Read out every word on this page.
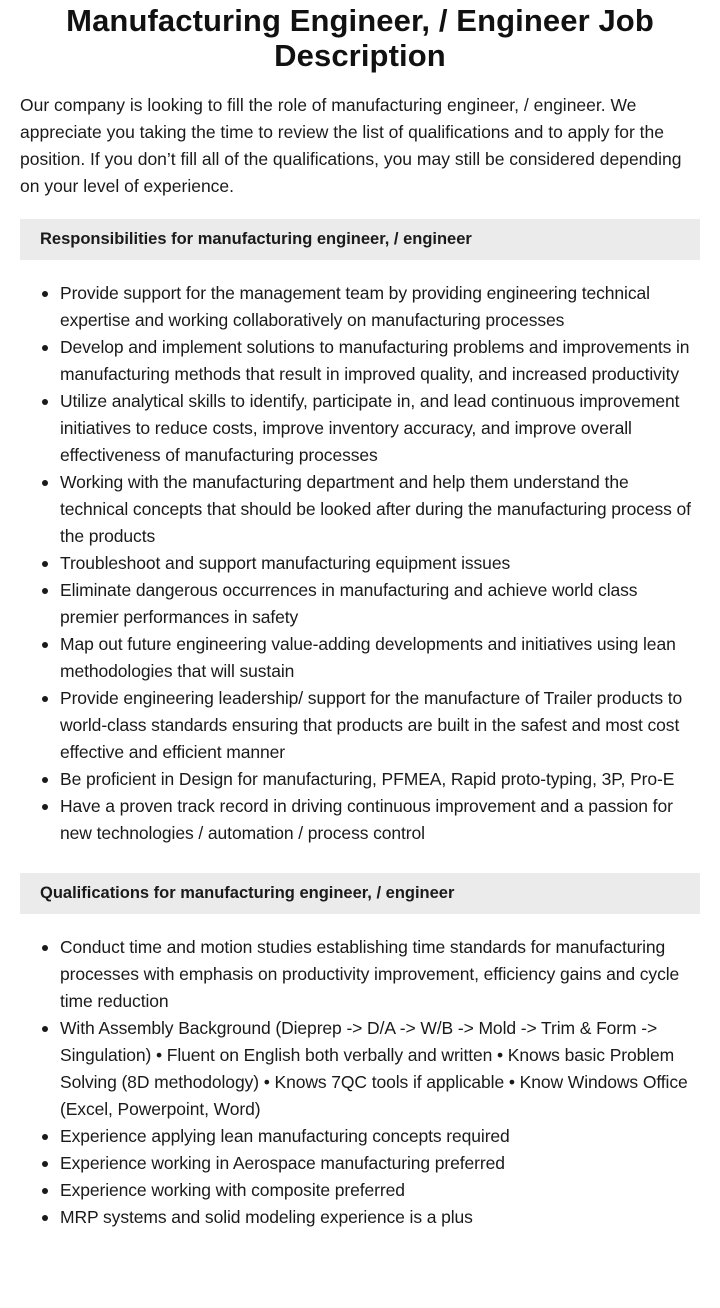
Manufacturing Engineer, / Engineer Job Description

Our company is looking to fill the role of manufacturing engineer, / engineer. We appreciate you taking the time to review the list of qualifications and to apply for the position. If you don’t fill all of the qualifications, you may still be considered depending on your level of experience.

Responsibilities for manufacturing engineer, / engineer
Provide support for the management team by providing engineering technical expertise and working collaboratively on manufacturing processes
Develop and implement solutions to manufacturing problems and improvements in manufacturing methods that result in improved quality, and increased productivity
Utilize analytical skills to identify, participate in, and lead continuous improvement initiatives to reduce costs, improve inventory accuracy, and improve overall effectiveness of manufacturing processes
Working with the manufacturing department and help them understand the technical concepts that should be looked after during the manufacturing process of the products
Troubleshoot and support manufacturing equipment issues
Eliminate dangerous occurrences in manufacturing and achieve world class premier performances in safety
Map out future engineering value-adding developments and initiatives using lean methodologies that will sustain
Provide engineering leadership/ support for the manufacture of Trailer products to world-class standards ensuring that products are built in the safest and most cost effective and efficient manner
Be proficient in Design for manufacturing, PFMEA, Rapid proto-typing, 3P, Pro-E
Have a proven track record in driving continuous improvement and a passion for new technologies / automation / process control
Qualifications for manufacturing engineer, / engineer
Conduct time and motion studies establishing time standards for manufacturing processes with emphasis on productivity improvement, efficiency gains and cycle time reduction
With Assembly Background (Dieprep -> D/A -> W/B -> Mold -> Trim & Form -> Singulation) • Fluent on English both verbally and written • Knows basic Problem Solving (8D methodology) • Knows 7QC tools if applicable • Know Windows Office (Excel, Powerpoint, Word)
Experience applying lean manufacturing concepts required
Experience working in Aerospace manufacturing preferred
Experience working with composite preferred
MRP systems and solid modeling experience is a plus
